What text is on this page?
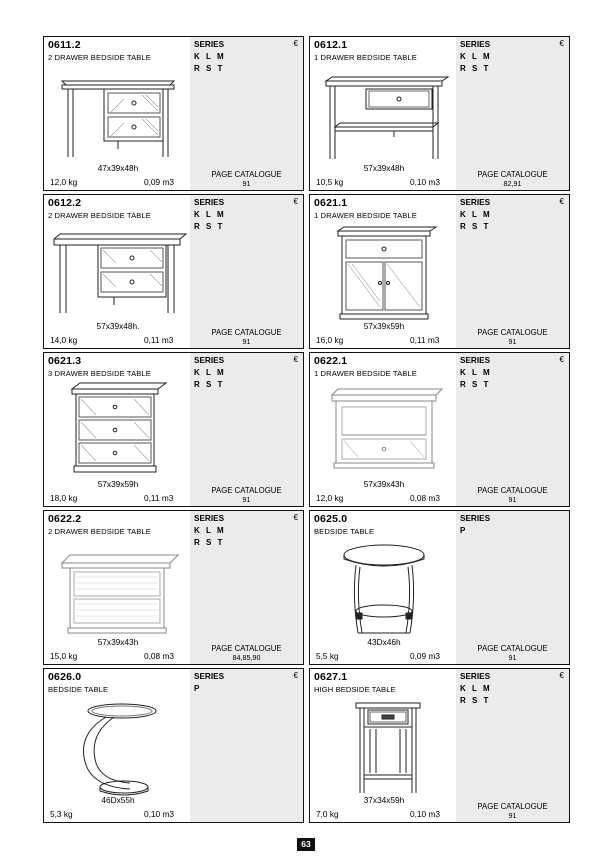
0611.2
2 DRAWER BEDSIDE TABLE
47x39x48h
12,0 kg	0,09 m3
SERIES	€
K L M
R S T
PAGE CATALOGUE
91
0612.1
1 DRAWER BEDSIDE TABLE
57x39x48h
10,5 kg	0,10 m3
SERIES	€
K L M
R S T
PAGE CATALOGUE
82,91
0612.2
2 DRAWER BEDSIDE TABLE
57x39x48h.
14,0 kg	0,11 m3
SERIES	€
K L M
R S T
PAGE CATALOGUE
91
0621.1
1 DRAWER BEDSIDE TABLE
57x39x59h
16,0 kg	0,11 m3
SERIES	€
K L M
R S T
PAGE CATALOGUE
91
0621.3
3 DRAWER BEDSIDE TABLE
57x39x59h
18,0 kg	0,11 m3
SERIES	€
K L M
R S T
PAGE CATALOGUE
91
0622.1
1 DRAWER BEDSIDE TABLE
57x39x43h
12,0 kg	0,08 m3
SERIES	€
K L M
R S T
PAGE CATALOGUE
91
0622.2
2 DRAWER BEDSIDE TABLE
57x39x43h
15,0 kg	0,08 m3
SERIES	€
K L M
R S T
PAGE CATALOGUE
84,85,90
0625.0
BEDSIDE TABLE
43Dx46h
5,5 kg	0,09 m3
SERIES
P
PAGE CATALOGUE
91
0626.0
BEDSIDE TABLE
46Dx55h
5,3 kg	0,10 m3
SERIES	€
P
0627.1
HIGH BEDSIDE TABLE
37x34x59h
7,0 kg	0,10 m3
SERIES	€
K L M
R S T
PAGE CATALOGUE
91
63
